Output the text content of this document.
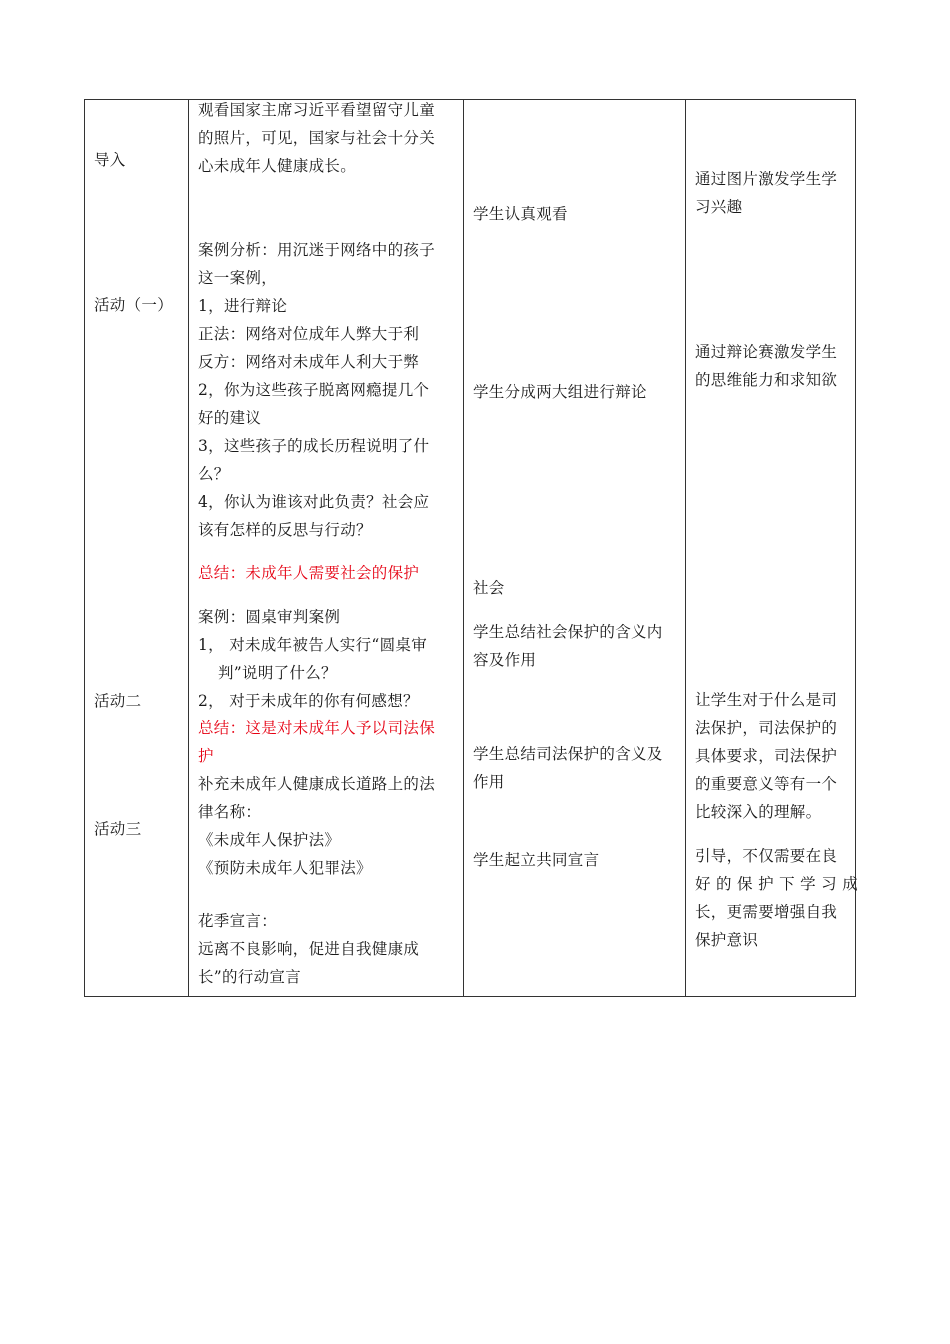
导入
活动（一）
活动二
活动三
观看国家主席习近平看望留守儿童
的照片，可见，国家与社会十分关
心未成年人健康成长。
案例分析：用沉迷于网络中的孩子
这一案例，
1，进行辩论
正法：网络对位成年人弊大于利
反方：网络对未成年人利大于弊
2，你为这些孩子脱离网瘾提几个
好的建议
3，这些孩子的成长历程说明了什
么？
4，你认为谁该对此负责？社会应
该有怎样的反思与行动？
总结：未成年人需要社会的保护
案例：圆桌审判案例
1， 对未成年被告人实行“圆桌审
判”说明了什么？
2， 对于未成年的你有何感想？
总结：这是对未成年人予以司法保
护
补充未成年人健康成长道路上的法
律名称：
《未成年人保护法》
《预防未成年人犯罪法》
花季宣言：
远离不良影响，促进自我健康成
长”的行动宣言
学生认真观看
学生分成两大组进行辩论
社会
学生总结社会保护的含义内
容及作用
学生总结司法保护的含义及
作用
学生起立共同宣言
通过图片激发学生学
习兴趣
通过辩论赛激发学生
的思维能力和求知欲
让学生对于什么是司
法保护，司法保护的
具体要求，司法保护
的重要意义等有一个
比较深入的理解。
引导，不仅需要在良
好 的 保 护 下 学 习 成
长，更需要增强自我
保护意识
